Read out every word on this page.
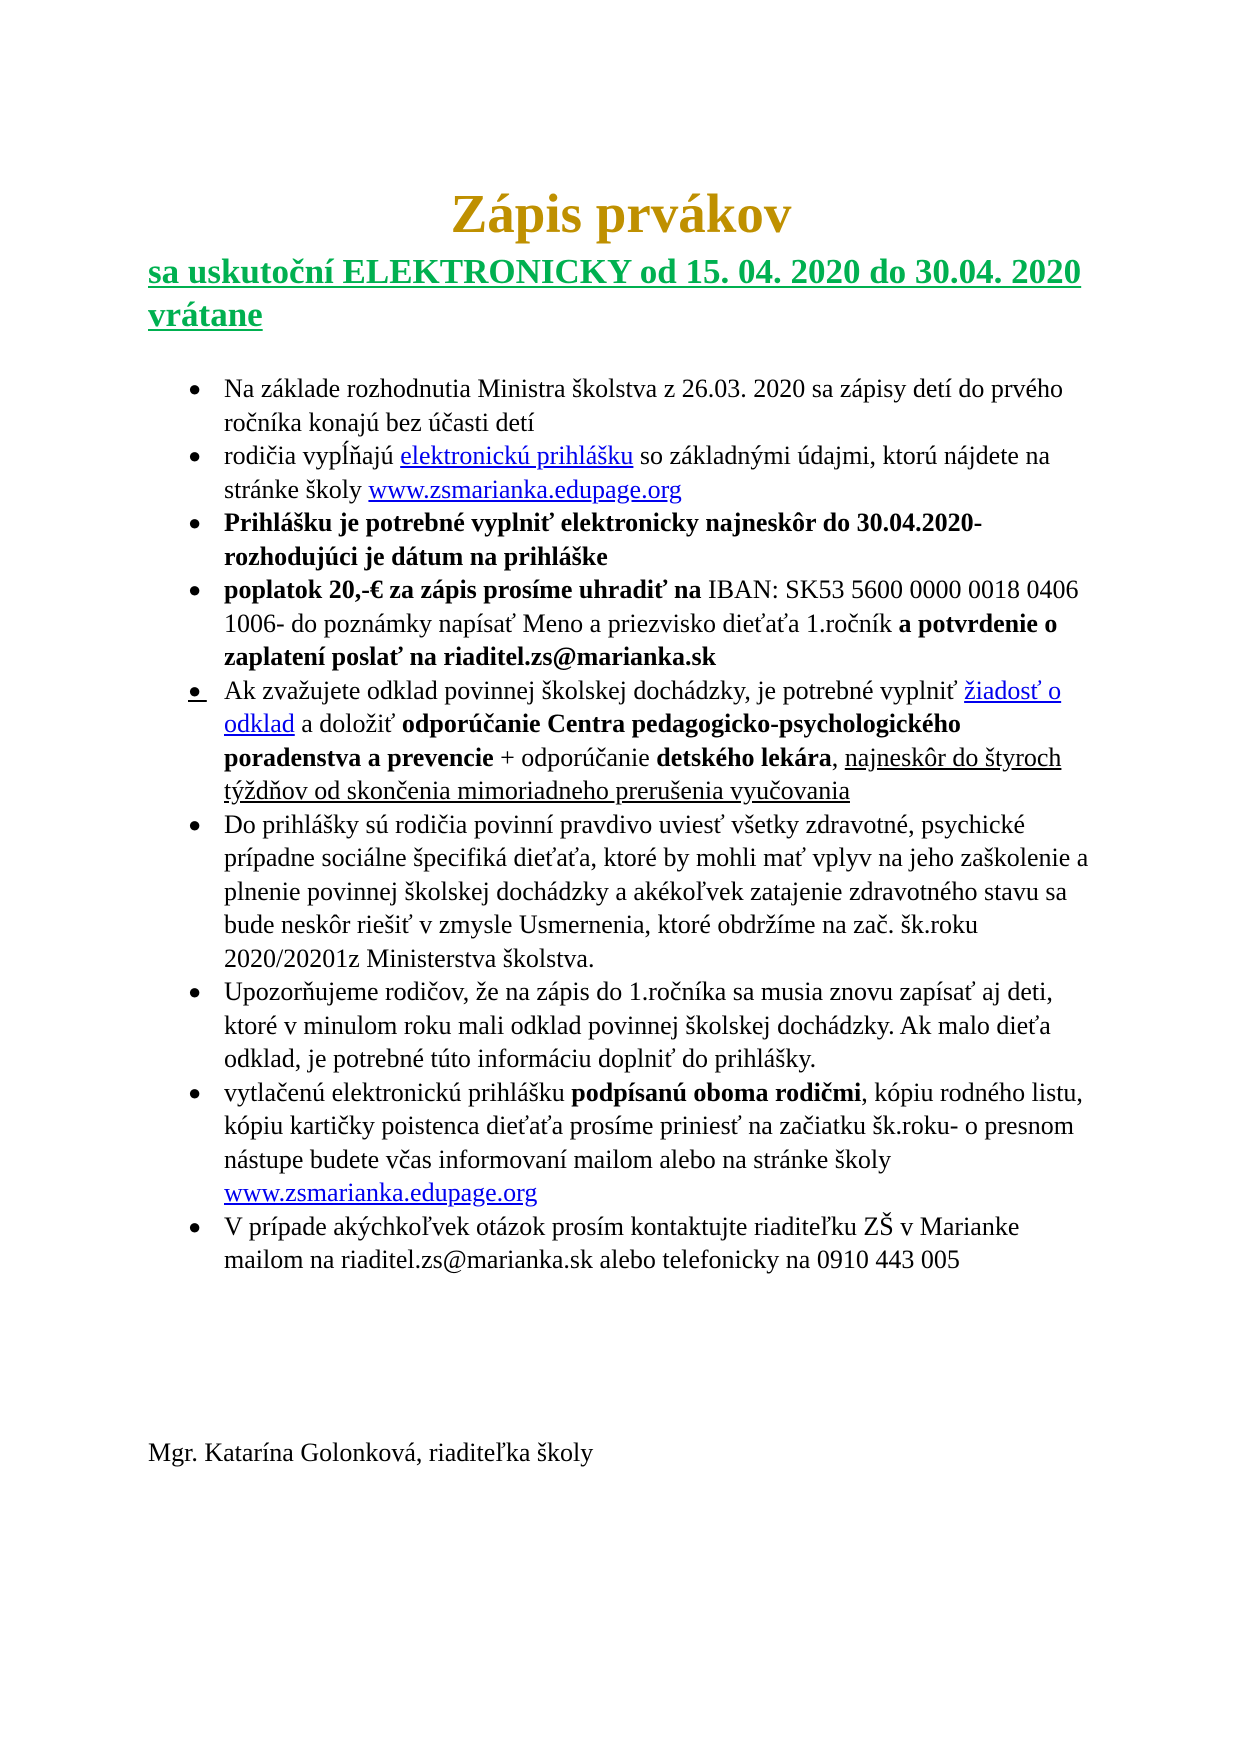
Zápis prvákov
sa uskutoční ELEKTRONICKY od 15. 04. 2020 do 30.04. 2020 vrátane
● Na základe rozhodnutia Ministra školstva z 26.03. 2020 sa zápisy detí do prvého ročníka konajú bez účasti detí
● rodičia vypĺňajú elektronickú prihlášku so základnými údajmi, ktorú nájdete na stránke školy www.zsmarianka.edupage.org
● Prihlášku je potrebné vyplniť elektronicky najneskôr do 30.04.2020- rozhodujúci je dátum na prihláške
● poplatok 20,-€ za zápis prosíme uhradiť na IBAN: SK53 5600 0000 0018 0406 1006- do poznámky napísať Meno a priezvisko dieťaťa 1.ročník a potvrdenie o zaplatení poslať na riaditel.zs@marianka.sk
● Ak zvažujete odklad povinnej školskej dochádzky, je potrebné vyplniť žiadosť o odklad a doložiť odporúčanie Centra pedagogicko-psychologického poradenstva a prevencie + odporúčanie detského lekára, najneskôr do štyroch týždňov od skončenia mimoriadneho prerušenia vyučovania
● Do prihlášky sú rodičia povinní pravdivo uviesť všetky zdravotné, psychické prípadne sociálne špecifiká dieťaťa, ktoré by mohli mať vplyv na jeho zaškolenie a plnenie povinnej školskej dochádzky a akékoľvek zatajenie zdravotného stavu sa bude neskôr riešiť v zmysle Usmernenia, ktoré obdržíme na zač. šk.roku 2020/20201z Ministerstva školstva.
● Upozorňujeme rodičov, že na zápis do 1.ročníka sa musia znovu zapísať aj deti, ktoré v minulom roku mali odklad povinnej školskej dochádzky. Ak malo dieťa odklad, je potrebné túto informáciu doplniť do prihlášky.
● vytlačenú elektronickú prihlášku podpísanú oboma rodičmi, kópiu rodného listu, kópiu kartičky poistenca dieťaťa prosíme priniesť na začiatku šk.roku- o presnom nástupe budete včas informovaní mailom alebo na stránke školy www.zsmarianka.edupage.org
● V prípade akýchkoľvek otázok prosím kontaktujte riaditeľku ZŠ v Marianke mailom na riaditel.zs@marianka.sk alebo telefonicky na 0910 443 005

Mgr. Katarína Golonková, riaditeľka školy
